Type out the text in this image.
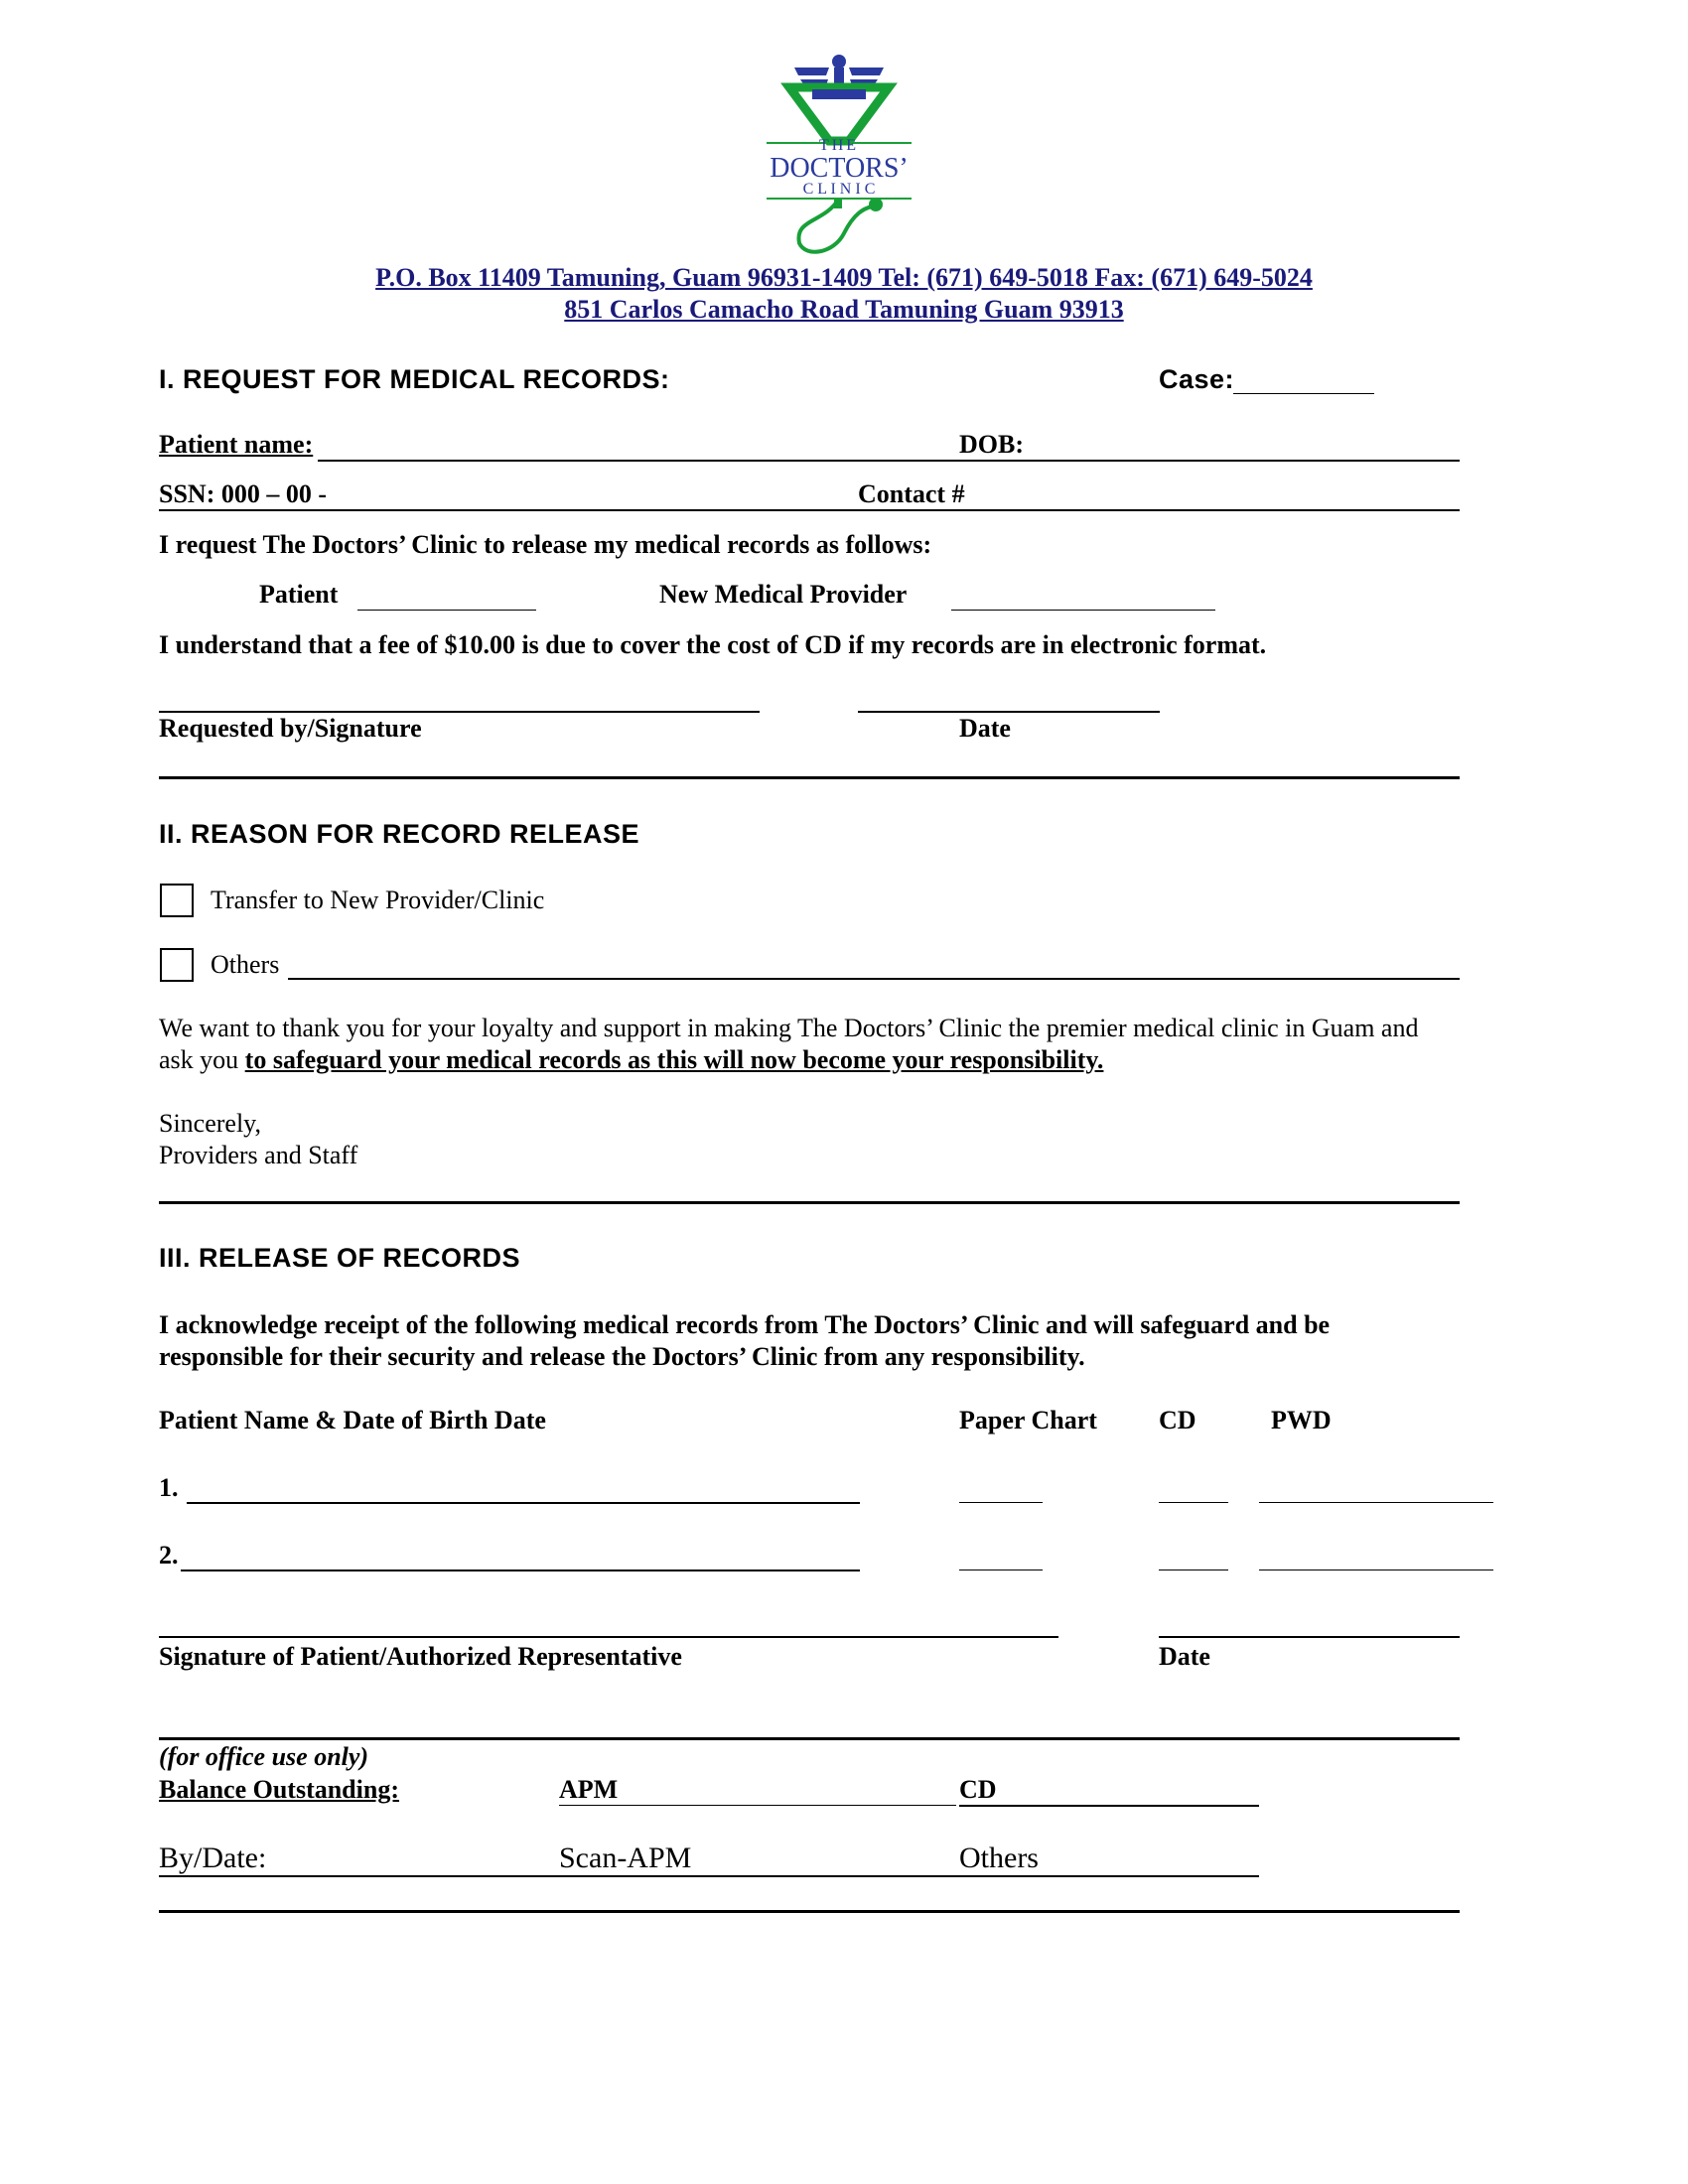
THE
DOCTORS’
C L I N I C
P.O. Box 11409 Tamuning, Guam 96931-1409 Tel: (671) 649-5018 Fax: (671) 649-5024
851 Carlos Camacho Road Tamuning Guam 93913
I. REQUEST FOR MEDICAL RECORDS:	Case:
Patient name:	DOB:
SSN: 000 – 00 -	Contact #
I request The Doctors’ Clinic to release my medical records as follows:
Patient	New Medical Provider
I understand that a fee of $10.00 is due to cover the cost of CD if my records are in electronic format.
Requested by/Signature	Date
II. REASON FOR RECORD RELEASE
Transfer to New Provider/Clinic
Others
We want to thank you for your loyalty and support in making The Doctors’ Clinic the premier medical clinic in Guam and
ask you to safeguard your medical records as this will now become your responsibility.
Sincerely,
Providers and Staff
III. RELEASE OF RECORDS
I acknowledge receipt of the following medical records from The Doctors’ Clinic and will safeguard and be
responsible for their security and release the Doctors’ Clinic from any responsibility.
Patient Name & Date of Birth Date	Paper Chart CD	PWD
1.
2.
Signature of Patient/Authorized Representative	Date
(for office use only)
Balance Outstanding:	APM	CD
By/Date:	Scan-APM	Others
